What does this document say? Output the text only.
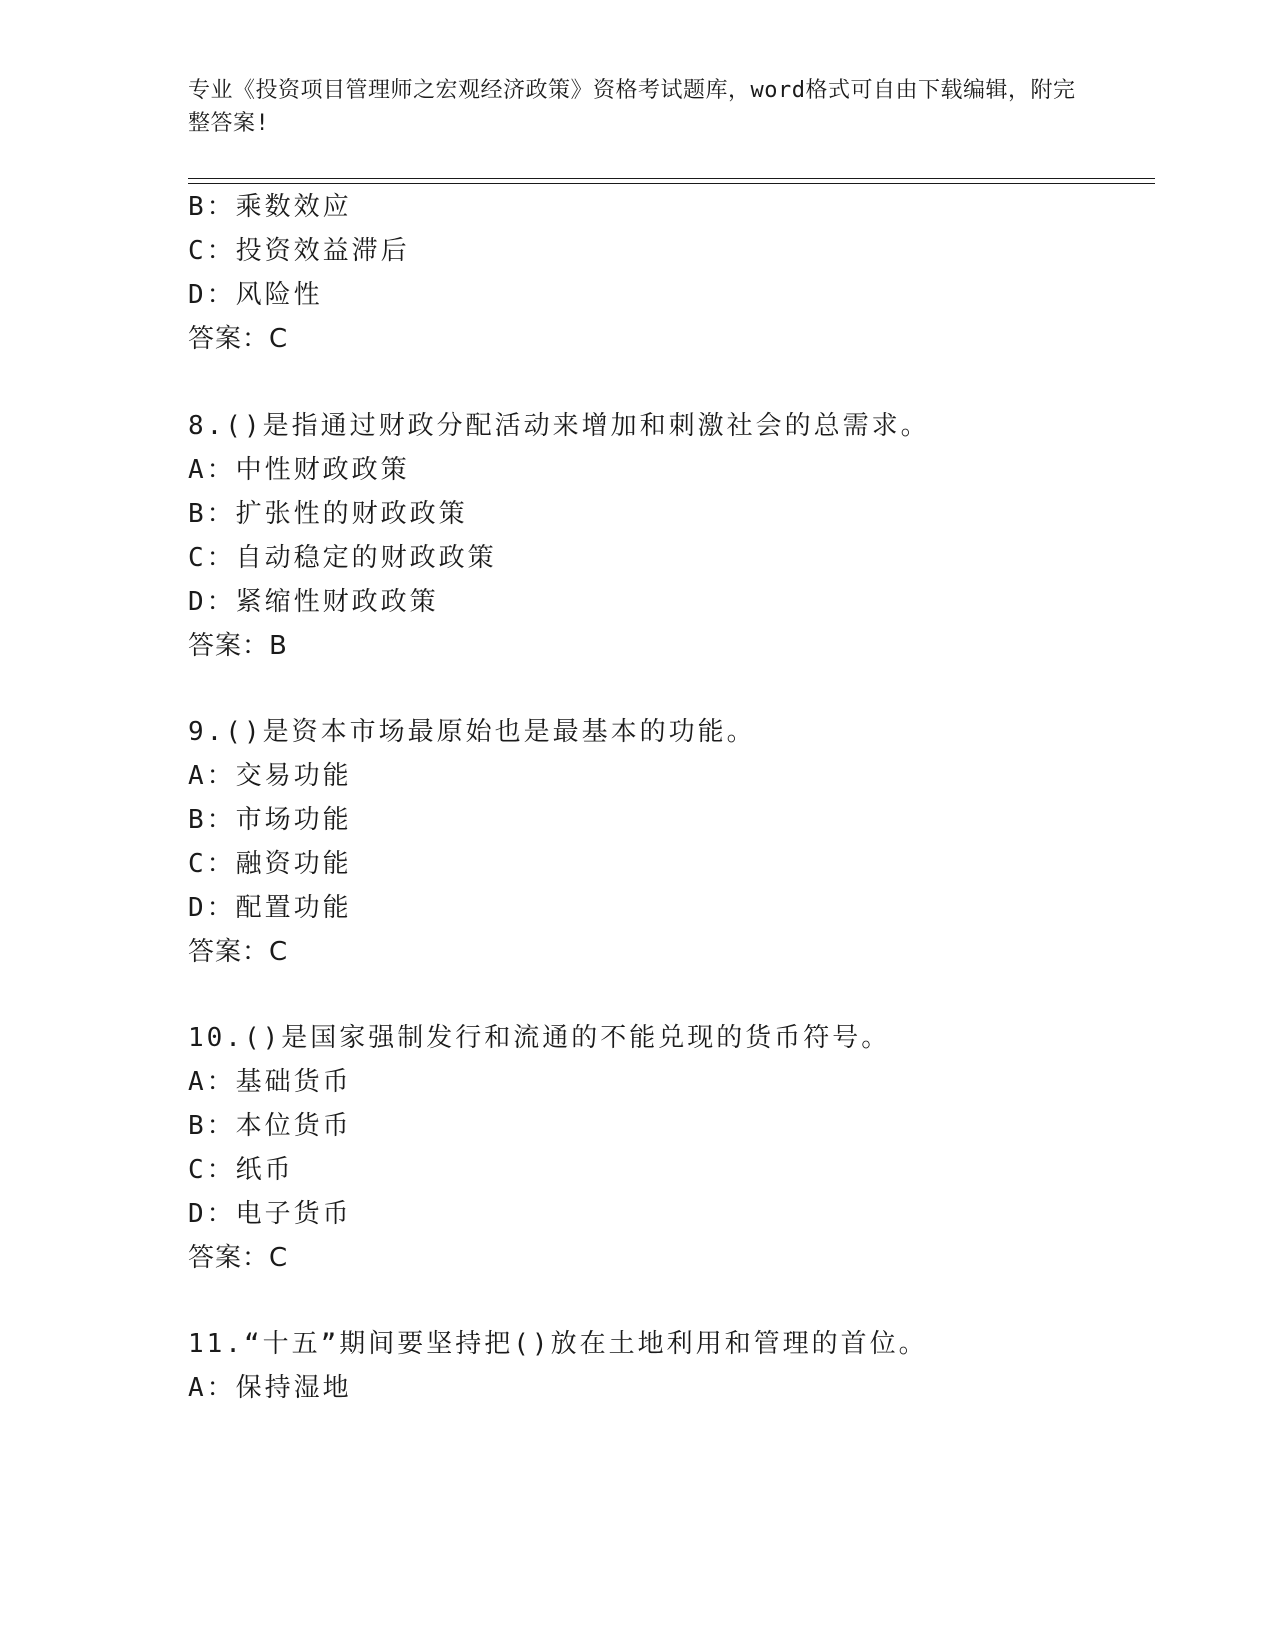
专业《投资项目管理师之宏观经济政策》资格考试题库，word格式可自由下载编辑，附完整答案!
B：乘数效应
C：投资效益滞后
D：风险性
答案：C
8.()是指通过财政分配活动来增加和刺激社会的总需求。
A：中性财政政策
B：扩张性的财政政策
C：自动稳定的财政政策
D：紧缩性财政政策
答案：B
9.()是资本市场最原始也是最基本的功能。
A：交易功能
B：市场功能
C：融资功能
D：配置功能
答案：C
10.()是国家强制发行和流通的不能兑现的货币符号。
A：基础货币
B：本位货币
C：纸币
D：电子货币
答案：C
11.“十五”期间要坚持把()放在土地利用和管理的首位。
A：保持湿地
